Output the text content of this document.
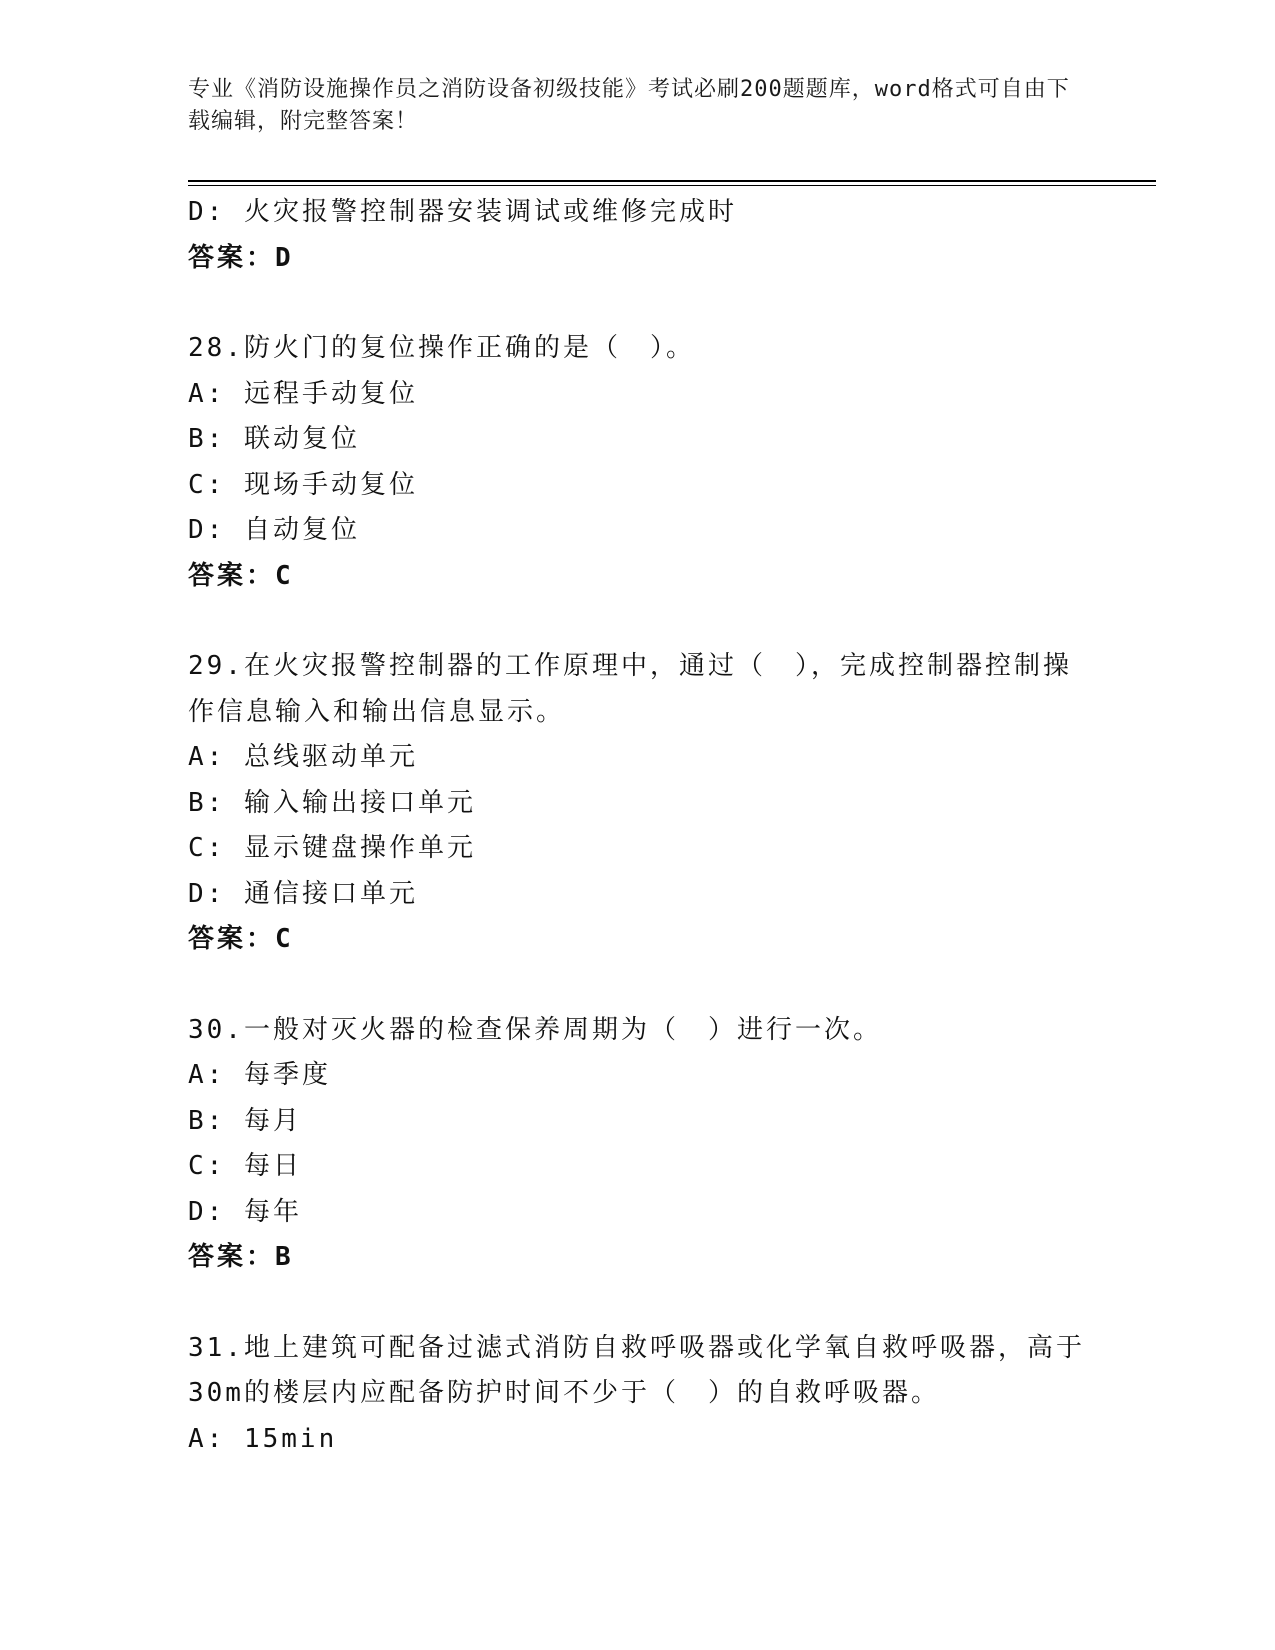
专业《消防设施操作员之消防设备初级技能》考试必刷200题题库，word格式可自由下载编辑，附完整答案！
D: 火灾报警控制器安装调试或维修完成时
答案：D
28.防火门的复位操作正确的是（　）。
A: 远程手动复位
B: 联动复位
C: 现场手动复位
D: 自动复位
答案：C
29.在火灾报警控制器的工作原理中，通过（　），完成控制器控制操作信息输入和输出信息显示。
A: 总线驱动单元
B: 输入输出接口单元
C: 显示键盘操作单元
D: 通信接口单元
答案：C
30.一般对灭火器的检查保养周期为（　）进行一次。
A: 每季度
B: 每月
C: 每日
D: 每年
答案：B
31.地上建筑可配备过滤式消防自救呼吸器或化学氧自救呼吸器，高于30m的楼层内应配备防护时间不少于（　）的自救呼吸器。
A: 15min
